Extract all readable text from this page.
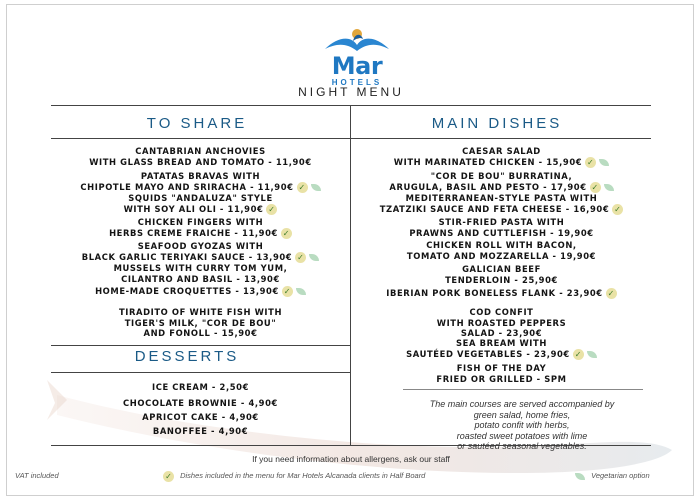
Mar
HOTELS
NIGHT MENU
TO SHARE	MAIN DISHES
CANTABRIAN ANCHOVIES
WITH GLASS BREAD AND TOMATO - 11,90€
PATATAS BRAVAS WITH
CHIPOTLE MAYO AND SRIRACHA - 11,90€ ✓
SQUIDS "ANDALUZA" STYLE
WITH SOY ALI OLI - 11,90€ ✓
CHICKEN FINGERS WITH
HERBS CREME FRAICHE - 11,90€ ✓
SEAFOOD GYOZAS WITH
BLACK GARLIC TERIYAKI SAUCE - 13,90€ ✓
MUSSELS WITH CURRY TOM YUM,
CILANTRO AND BASIL - 13,90€
HOME-MADE CROQUETTES - 13,90€ ✓
TIRADITO OF WHITE FISH WITH
TIGER'S MILK, "COR DE BOU"
AND FONOLL - 15,90€
DESSERTS
ICE CREAM - 2,50€
CHOCOLATE BROWNIE - 4,90€
APRICOT CAKE - 4,90€
BANOFFEE - 4,90€
CAESAR SALAD
WITH MARINATED CHICKEN - 15,90€ ✓
"COR DE BOU" BURRATINA,
ARUGULA, BASIL AND PESTO - 17,90€ ✓
MEDITERRANEAN-STYLE PASTA WITH
TZATZIKI SAUCE AND FETA CHEESE - 16,90€ ✓
STIR-FRIED PASTA WITH
PRAWNS AND CUTTLEFISH - 19,90€
CHICKEN ROLL WITH BACON,
TOMATO AND MOZZARELLA - 19,90€
GALICIAN BEEF
TENDERLOIN - 25,90€
IBERIAN PORK BONELESS FLANK - 23,90€ ✓
COD CONFIT
WITH ROASTED PEPPERS
SALAD - 23,90€
SEA BREAM WITH
SAUTÉED VEGETABLES - 23,90€ ✓
FISH OF THE DAY
FRIED OR GRILLED - SPM
The main courses are served accompanied by
green salad, home fries,
potato confit with herbs,
roasted sweet potatoes with lime
or sautéed seasonal vegetables.
If you need information about allergens, ask our staff
VAT included	✓ Dishes included in the menu for Mar Hotels Alcanada clients in Half Board	Vegetarian option
